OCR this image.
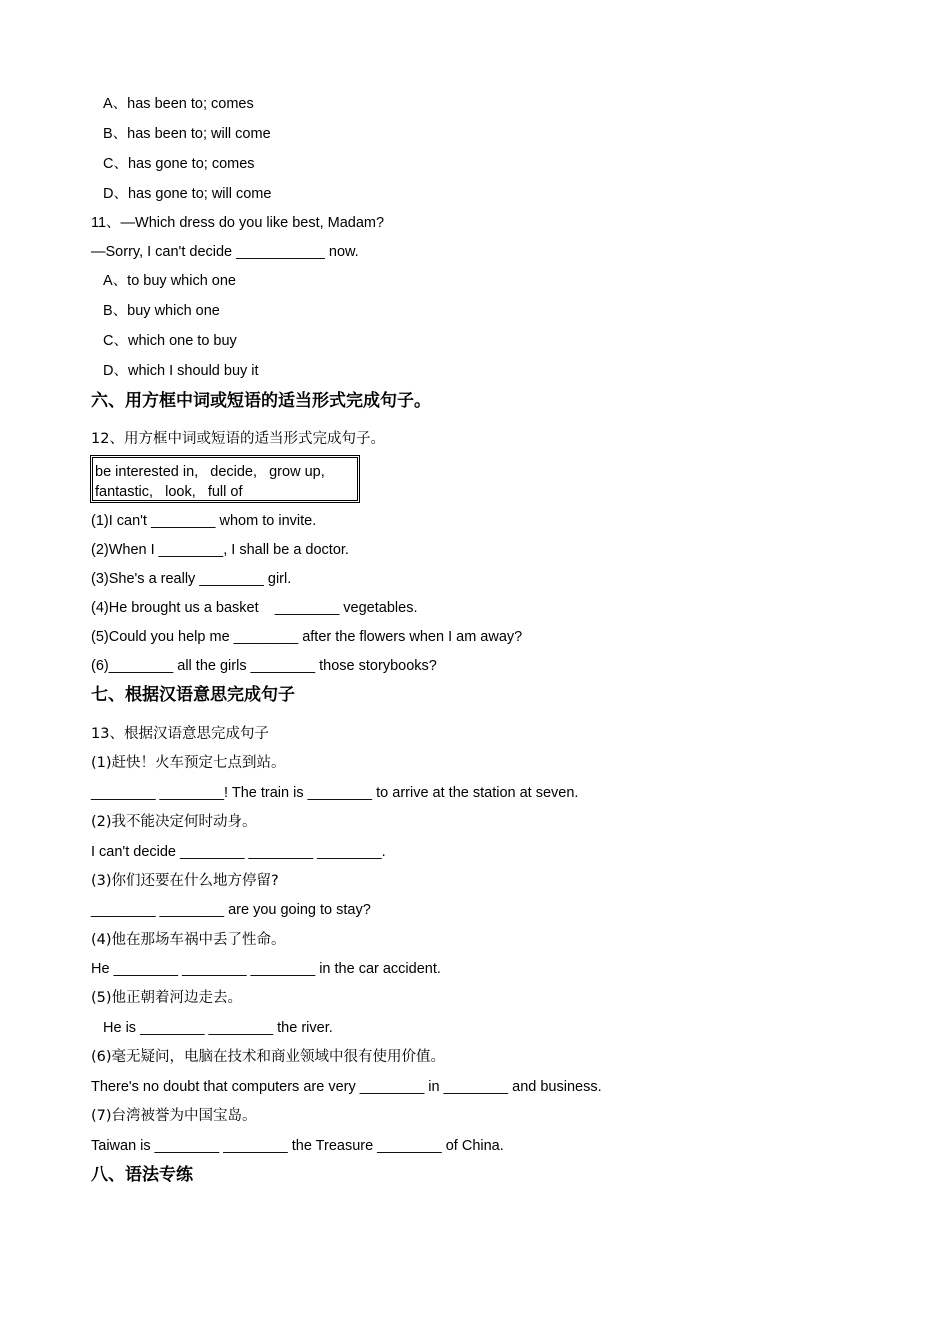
A、has been to; comes
B、has been to; will come
C、has gone to; comes
D、has gone to; will come
11、—Which dress do you like best, Madam?
—Sorry, I can't decide ___________ now.
A、to buy which one
B、buy which one
C、which one to buy
D、which I should buy it
六、用方框中词或短语的适当形式完成句子。
12、用方框中词或短语的适当形式完成句子。
be interested in,   decide,   grow up,
fantastic,   look,   full of
(1)I can't ________ whom to invite.
(2)When I ________, I shall be a doctor.
(3)She's a really ________ girl.
(4)He brought us a basket    ________ vegetables.
(5)Could you help me ________ after the flowers when I am away?
(6)________ all the girls ________ those storybooks?
七、根据汉语意思完成句子
13、根据汉语意思完成句子
(1)赶快！火车预定七点到站。
________ ________! The train is ________ to arrive at the station at seven.
(2)我不能决定何时动身。
I can't decide ________ ________ ________.
(3)你们还要在什么地方停留?
________ ________ are you going to stay?
(4)他在那场车祸中丢了性命。
He ________ ________ ________ in the car accident.
(5)他正朝着河边走去。
He is ________ ________ the river.
(6)毫无疑问，电脑在技术和商业领域中很有使用价值。
There's no doubt that computers are very ________ in ________ and business.
(7)台湾被誉为中国宝岛。
Taiwan is ________ ________ the Treasure ________ of China.
八、语法专练
